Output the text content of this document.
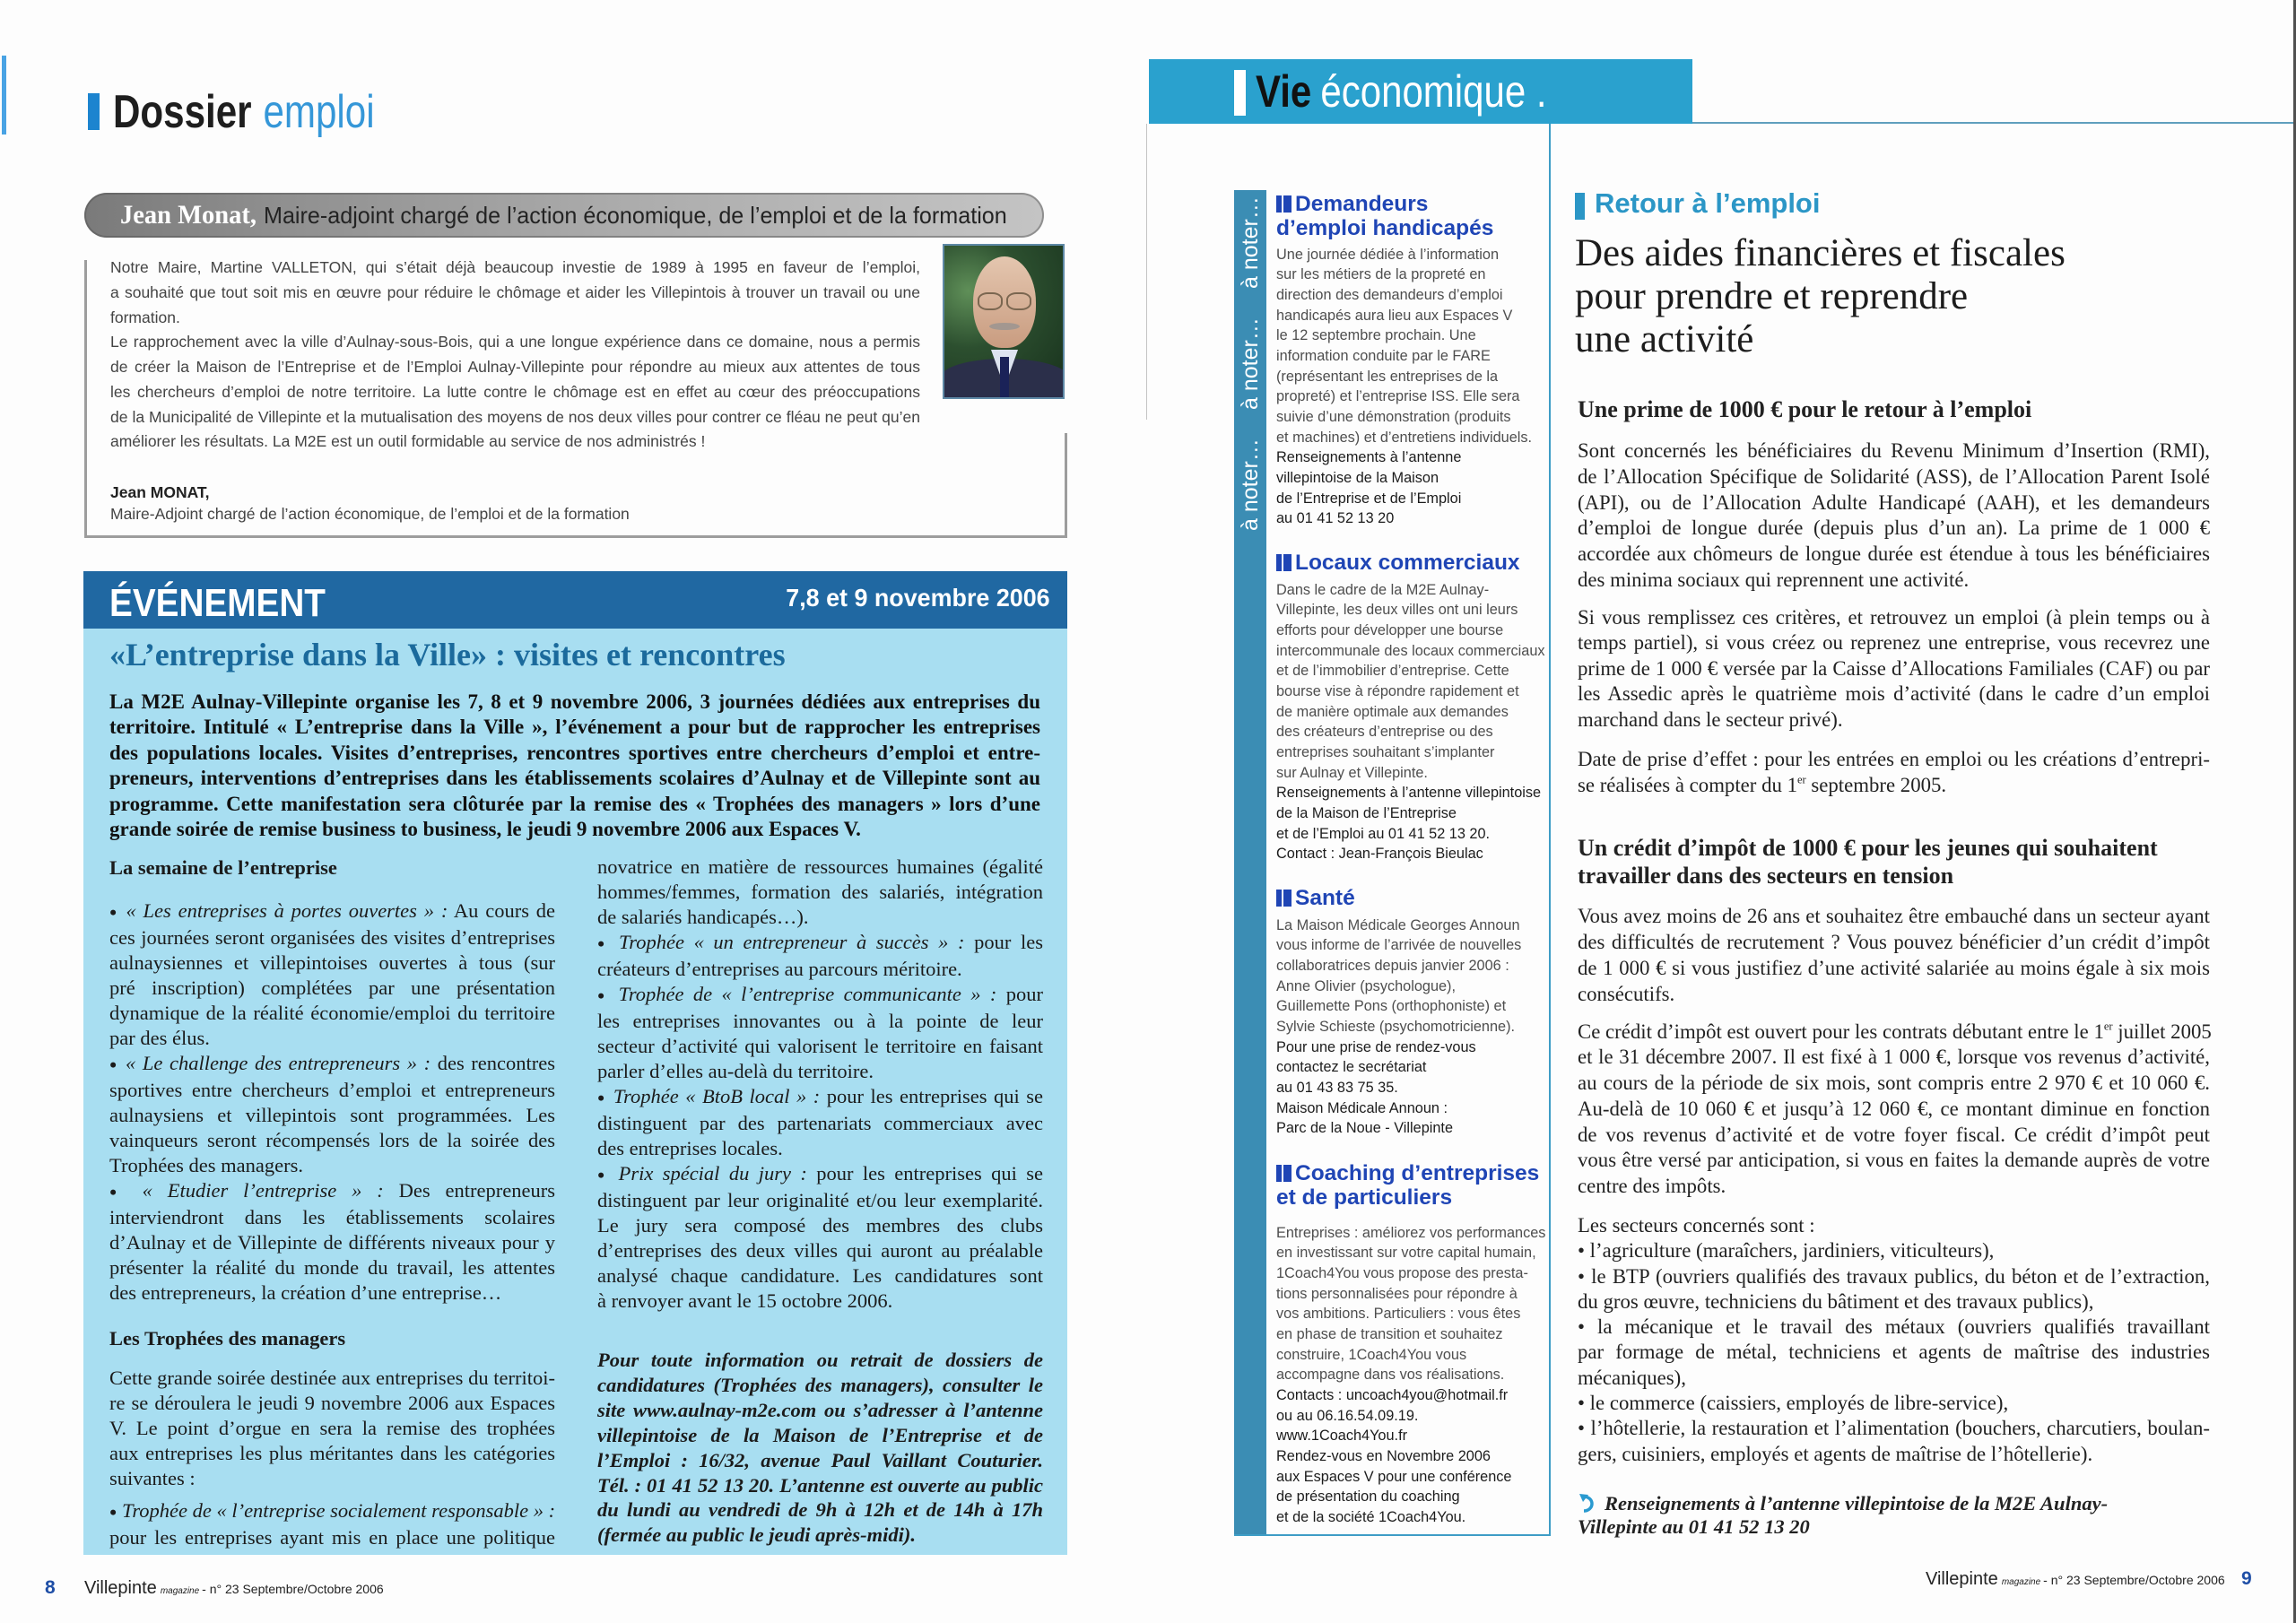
Dossier emploi
Jean Monat, Maire-adjoint chargé de l’action économique, de l’emploi et de la formation
Notre Maire, Martine VALLETON, qui s’était déjà beaucoup investie de 1989 à 1995 en faveur de l’emploi,
a souhaité que tout soit mis en œuvre pour réduire le chômage et aider les Villepintois à trouver un travail ou une
formation.
Le rapprochement avec la ville d’Aulnay-sous-Bois, qui a une longue expérience dans ce domaine, nous a permis
de créer la Maison de l’Entreprise et de l’Emploi Aulnay-Villepinte pour répondre au mieux aux attentes de tous
les chercheurs d’emploi de notre territoire. La lutte contre le chômage est en effet au cœur des préoccupations
de la Municipalité de Villepinte et la mutualisation des moyens de nos deux villes pour contrer ce fléau ne peut qu’en
améliorer les résultats. La M2E est un outil formidable au service de nos administrés !
Jean MONAT,
Maire-Adjoint chargé de l’action économique, de l’emploi et de la formation
ÉVÉNEMENT	7,8 et 9 novembre 2006
«L’entreprise dans la Ville» : visites et rencontres
La M2E Aulnay-Villepinte organise les 7, 8 et 9 novembre 2006, 3 journées dédiées aux entreprises du
territoire. Intitulé « L’entreprise dans la Ville », l’événement a pour but de rapprocher les entreprises
des populations locales. Visites d’entreprises, rencontres sportives entre chercheurs d’emploi et entre-
preneurs, interventions d’entreprises dans les établissements scolaires d’Aulnay et de Villepinte sont au
programme. Cette manifestation sera clôturée par la remise des « Trophées des managers » lors d’une
grande soirée de remise business to business, le jeudi 9 novembre 2006 aux Espaces V.
La semaine de l’entreprise
● « Les entreprises à portes ouvertes » : Au cours de
ces journées seront organisées des visites d’entreprises
aulnaysiennes et villepintoises ouvertes à tous (sur
pré inscription) complétées par une présentation
dynamique de la réalité économie/emploi du territoire
par des élus.
● « Le challenge des entrepreneurs » : des rencontres
sportives entre chercheurs d’emploi et entrepreneurs
aulnaysiens et villepintois sont programmées. Les
vainqueurs seront récompensés lors de la soirée des
Trophées des managers.
● « Etudier l’entreprise » : Des entrepreneurs
interviendront dans les établissements scolaires
d’Aulnay et de Villepinte de différents niveaux pour y
présenter la réalité du monde du travail, les attentes
des entrepreneurs, la création d’une entreprise…
Les Trophées des managers
Cette grande soirée destinée aux entreprises du territoi-
re se déroulera le jeudi 9 novembre 2006 aux Espaces
V. Le point d’orgue en sera la remise des trophées
aux entreprises les plus méritantes dans les catégories
suivantes :
● Trophée de « l’entreprise socialement responsable » :
pour les entreprises ayant mis en place une politique
novatrice en matière de ressources humaines (égalité
hommes/femmes, formation des salariés, intégration
de salariés handicapés…).
● Trophée « un entrepreneur à succès » : pour les
créateurs d’entreprises au parcours méritoire.
● Trophée de « l’entreprise communicante » : pour
les entreprises innovantes ou à la pointe de leur
secteur d’activité qui valorisent le territoire en faisant
parler d’elles au-delà du territoire.
● Trophée « BtoB local » : pour les entreprises qui se
distinguent par des partenariats commerciaux avec
des entreprises locales.
● Prix spécial du jury : pour les entreprises qui se
distinguent par leur originalité et/ou leur exemplarité.
Le jury sera composé des membres des clubs
d’entreprises des deux villes qui auront au préalable
analysé chaque candidature. Les candidatures sont
à renvoyer avant le 15 octobre 2006.
Pour toute information ou retrait de dossiers de
candidatures (Trophées des managers), consulter le
site www.aulnay-m2e.com ou s’adresser à l’antenne
villepintoise de la Maison de l’Entreprise et de
l’Emploi : 16/32, avenue Paul Vaillant Couturier.
Tél. : 01 41 52 13 20. L’antenne est ouverte au public
du lundi au vendredi de 9h à 12h et de 14h à 17h
(fermée au public le jeudi après-midi).
8 Villepinte magazine - n° 23 Septembre/Octobre 2006
Vie économique .
à noter…à noter…à noter…	Demandeurs
d’emploi handicapés
Une journée dédiée à l’information
sur les métiers de la propreté en
direction des demandeurs d’emploi
handicapés aura lieu aux Espaces V
le 12 septembre prochain. Une
information conduite par le FARE
(représentant les entreprises de la
propreté) et l’entreprise ISS. Elle sera
suivie d’une démonstration (produits
et machines) et d’entretiens individuels.
Renseignements à l’antenne
villepintoise de la Maison
de l’Entreprise et de l’Emploi
au 01 41 52 13 20
Locaux commerciaux
Dans le cadre de la M2E Aulnay-
Villepinte, les deux villes ont uni leurs
efforts pour développer une bourse
intercommunale des locaux commerciaux
et de l’immobilier d’entreprise. Cette
bourse vise à répondre rapidement et
de manière optimale aux demandes
des créateurs d’entreprise ou des
entreprises souhaitant s’implanter
sur Aulnay et Villepinte.
Renseignements à l’antenne villepintoise
de la Maison de l’Entreprise
et de l’Emploi au 01 41 52 13 20.
Contact : Jean-François Bieulac
Santé
La Maison Médicale Georges Announ
vous informe de l’arrivée de nouvelles
collaboratrices depuis janvier 2006 :
Anne Olivier (psychologue),
Guillemette Pons (orthophoniste) et
Sylvie Schieste (psychomotricienne).
Pour une prise de rendez-vous
contactez le secrétariat
au 01 43 83 75 35.
Maison Médicale Announ :
Parc de la Noue - Villepinte
Coaching d’entreprises
et de particuliers
Entreprises : améliorez vos performances
en investissant sur votre capital humain,
1Coach4You vous propose des presta-
tions personnalisées pour répondre à
vos ambitions. Particuliers : vous êtes
en phase de transition et souhaitez
construire, 1Coach4You vous
accompagne dans vos réalisations.
Contacts : uncoach4you@hotmail.fr
ou au 06.16.54.09.19.
www.1Coach4You.fr
Rendez-vous en Novembre 2006
aux Espaces V pour une conférence
de présentation du coaching
et de la société 1Coach4You.
Retour à l’emploi
Des aides financières et fiscales
pour prendre et reprendre
une activité
Une prime de 1000 € pour le retour à l’emploi
Sont concernés les bénéficiaires du Revenu Minimum d’Insertion (RMI),
de l’Allocation Spécifique de Solidarité (ASS), de l’Allocation Parent Isolé
(API), ou de l’Allocation Adulte Handicapé (AAH), et les demandeurs
d’emploi de longue durée (depuis plus d’un an). La prime de 1 000 €
accordée aux chômeurs de longue durée est étendue à tous les bénéficiaires
des minima sociaux qui reprennent une activité.
Si vous remplissez ces critères, et retrouvez un emploi (à plein temps ou à
temps partiel), si vous créez ou reprenez une entreprise, vous recevrez une
prime de 1 000 € versée par la Caisse d’Allocations Familiales (CAF) ou par
les Assedic après le quatrième mois d’activité (dans le cadre d’un emploi
marchand dans le secteur privé).
Date de prise d’effet : pour les entrées en emploi ou les créations d’entrepri-
se réalisées à compter du 1er septembre 2005.
Un crédit d’impôt de 1000 € pour les jeunes qui souhaitent
travailler dans des secteurs en tension
Vous avez moins de 26 ans et souhaitez être embauché dans un secteur ayant
des difficultés de recrutement ? Vous pouvez bénéficier d’un crédit d’impôt
de 1 000 € si vous justifiez d’une activité salariée au moins égale à six mois
consécutifs.
Ce crédit d’impôt est ouvert pour les contrats débutant entre le 1er juillet 2005
et le 31 décembre 2007. Il est fixé à 1 000 €, lorsque vos revenus d’activité,
au cours de la période de six mois, sont compris entre 2 970 € et 10 060 €.
Au-delà de 10 060 € et jusqu’à 12 060 €, ce montant diminue en fonction
de vos revenus d’activité et de votre foyer fiscal. Ce crédit d’impôt peut
vous être versé par anticipation, si vous en faites la demande auprès de votre
centre des impôts.
Les secteurs concernés sont :
• l’agriculture (maraîchers, jardiniers, viticulteurs),
• le BTP (ouvriers qualifiés des travaux publics, du béton et de l’extraction,
du gros œuvre, techniciens du bâtiment et des travaux publics),
• la mécanique et le travail des métaux (ouvriers qualifiés travaillant
par formage de métal, techniciens et agents de maîtrise des industries
mécaniques),
• le commerce (caissiers, employés de libre-service),
• l’hôtellerie, la restauration et l’alimentation (bouchers, charcutiers, boulan-
gers, cuisiniers, employés et agents de maîtrise de l’hôtellerie).
Renseignements à l’antenne villepintoise de la M2E Aulnay-
Villepinte au 01 41 52 13 20
Villepinte magazine - n° 23 Septembre/Octobre 2006 9
